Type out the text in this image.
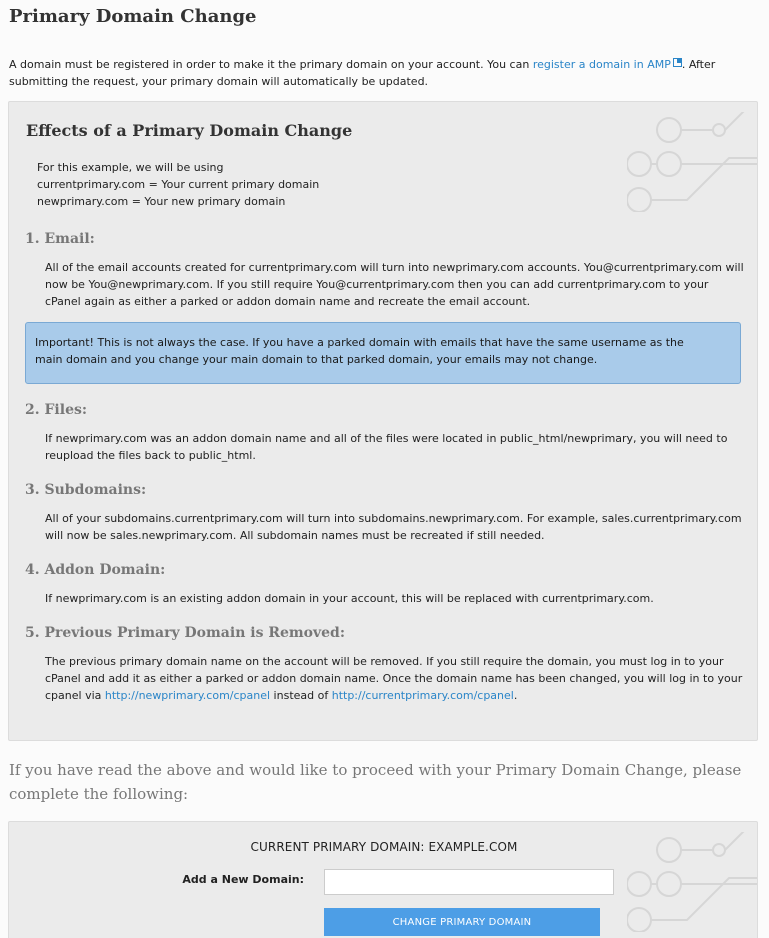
Primary Domain Change

A domain must be registered in order to make it the primary domain on your account. You can register a domain in AMP . After submitting the request, your primary domain will automatically be updated.

Effects of a Primary Domain Change
For this example, we will be using
currentprimary.com = Your current primary domain
newprimary.com = Your new primary domain
1. Email:

All of the email accounts created for currentprimary.com will turn into newprimary.com accounts. You@currentprimary.com will now be You@newprimary.com. If you still require You@currentprimary.com then you can add currentprimary.com to your cPanel again as either a parked or addon domain name and recreate the email account.

Important! This is not always the case. If you have a parked domain with emails that have the same username as the main domain and you change your main domain to that parked domain, your emails may not change.
2. Files:

If newprimary.com was an addon domain name and all of the files were located in public_html/newprimary, you will need to reupload the files back to public_html.

3. Subdomains:

All of your subdomains.currentprimary.com will turn into subdomains.newprimary.com. For example, sales.currentprimary.com will now be sales.newprimary.com. All subdomain names must be recreated if still needed.

4. Addon Domain:

If newprimary.com is an existing addon domain in your account, this will be replaced with currentprimary.com.

5. Previous Primary Domain is Removed:

The previous primary domain name on the account will be removed. If you still require the domain, you must log in to your cPanel and add it as either a parked or addon domain name. Once the domain name has been changed, you will log in to your cpanel via http://newprimary.com/cpanel instead of http://currentprimary.com/cpanel.

If you have read the above and would like to proceed with your Primary Domain Change, please complete the following:

CURRENT PRIMARY DOMAIN: EXAMPLE.COM
Add a New Domain:
CHANGE PRIMARY DOMAIN
